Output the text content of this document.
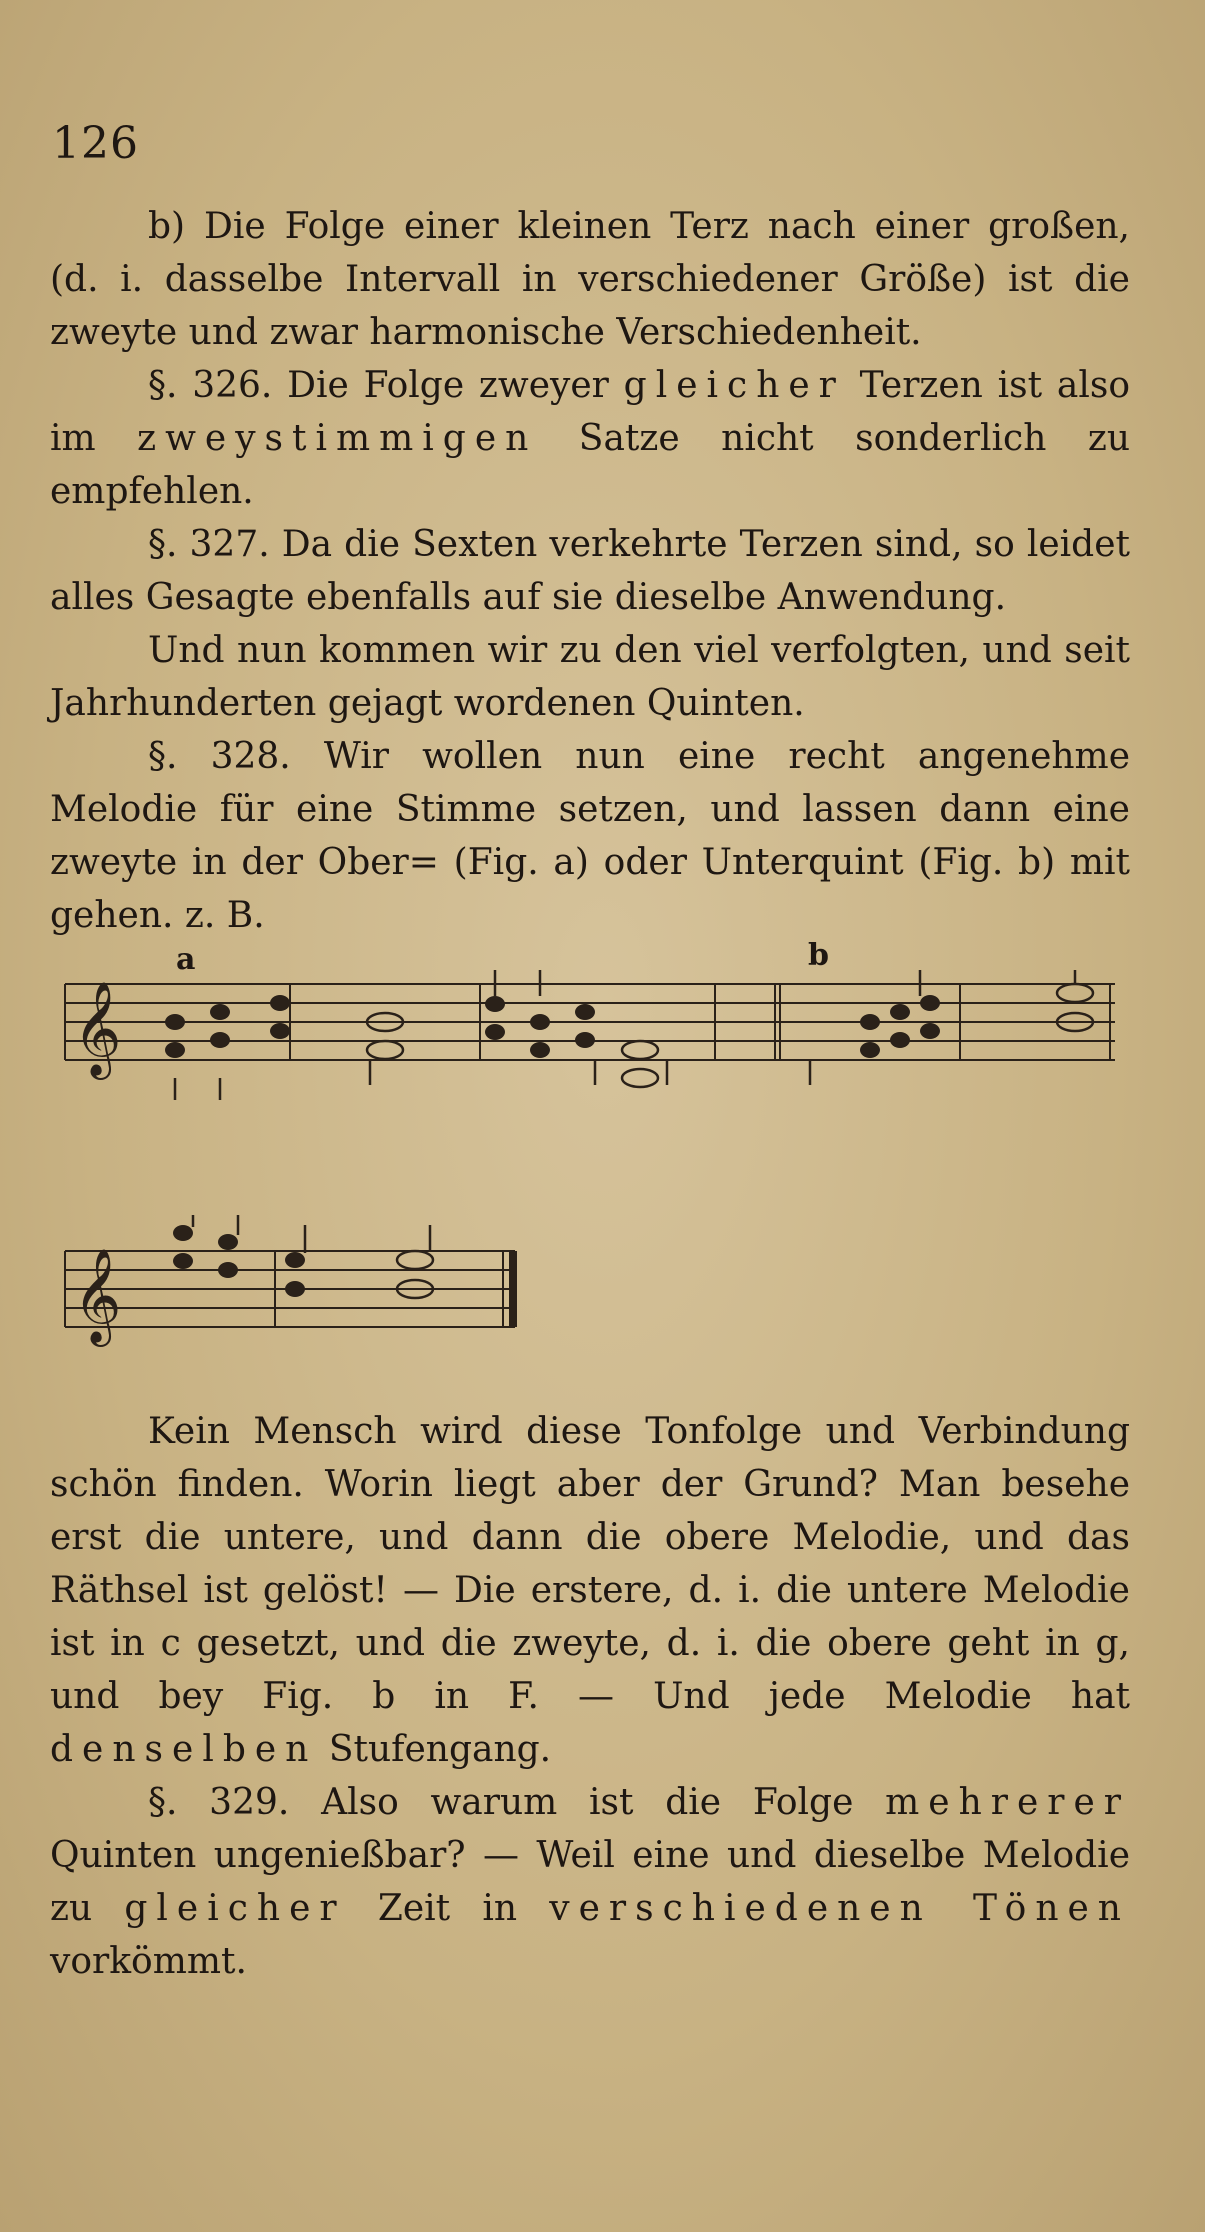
126

b) Die Folge einer kleinen Terz nach einer großen, (d. i. dasselbe Intervall in verschiedener Größe) ist die zweyte und zwar harmonische Verschiedenheit.

§. 326. Die Folge zweyer gleicher Terzen ist also im zweystimmigen Satze nicht sonderlich zu empfehlen.

§. 327. Da die Sexten verkehrte Terzen sind, so leidet alles Gesagte ebenfalls auf sie dieselbe Anwendung.

Und nun kommen wir zu den viel verfolgten, und seit Jahrhunderten gejagt wordenen Quinten.

§. 328. Wir wollen nun eine recht angenehme Melodie für eine Stimme setzen, und lassen dann eine zweyte in der Ober= (Fig. a) oder Unterquint (Fig. b) mit gehen. z. B.

a	b
𝄞
𝄞

Kein Mensch wird diese Tonfolge und Verbindung schön finden. Worin liegt aber der Grund? Man besehe erst die untere, und dann die obere Melodie, und das Räthsel ist gelöst! — Die erstere, d. i. die untere Melodie ist in c gesetzt, und die zweyte, d. i. die obere geht in g, und bey Fig. b in F. — Und jede Melodie hat denselben Stufengang.

§. 329. Also warum ist die Folge mehrerer Quinten ungenießbar? — Weil eine und dieselbe Melodie zu gleicher Zeit in verschiedenen Tönen vorkömmt.
